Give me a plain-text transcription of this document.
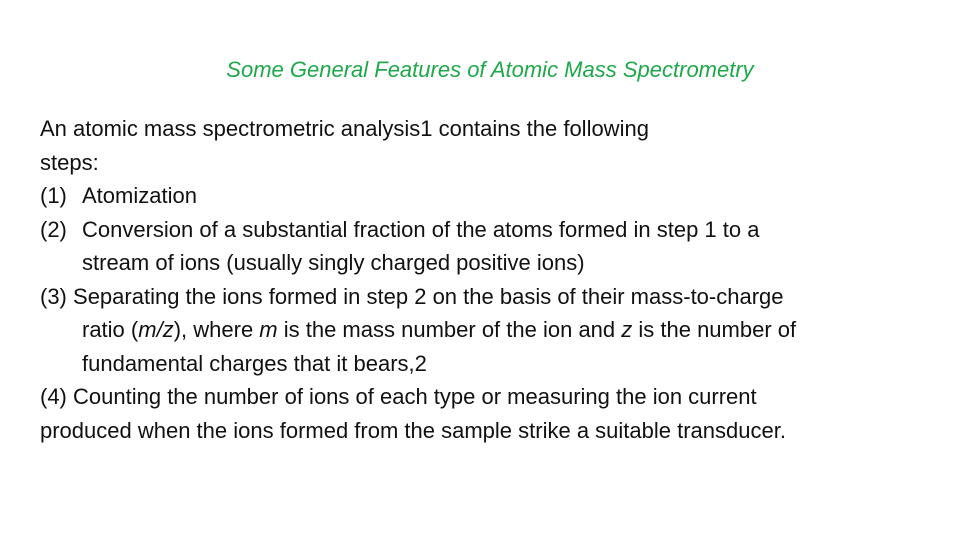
Some General Features of Atomic Mass Spectrometry
An atomic mass spectrometric analysis1 contains the following
steps:
(1) Atomization
(2) Conversion of a substantial fraction of the atoms formed in step 1 to a
stream of ions (usually singly charged positive ions)
(3) Separating the ions formed in step 2 on the basis of their mass-to-charge
ratio (m/z), where m is the mass number of the ion and z is the number of
fundamental charges that it bears,2
(4) Counting the number of ions of each type or measuring the ion current
produced when the ions formed from the sample strike a suitable transducer.
